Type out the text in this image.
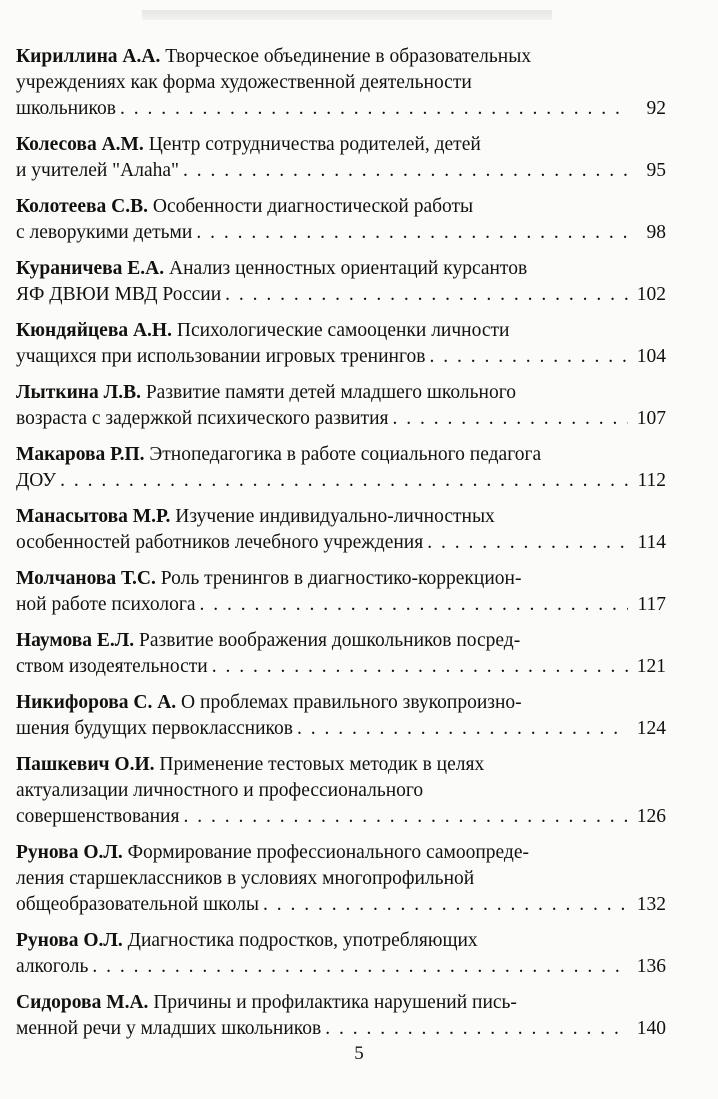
Кириллина А.А. Творческое объединение в образовательных
учреждениях как форма художественной деятельности
школьников . . .	92
Колесова А.М. Центр сотрудничества родителей, детей
и учителей "Алаhа" . . .	95
Колотеева С.В. Особенности диагностической работы
с леворукими детьми . . .	98
Кураничева Е.А. Анализ ценностных ориентаций курсантов
ЯФ ДВЮИ МВД России . . .	102
Кюндяйцева А.Н. Психологические самооценки личности
учащихся при использовании игровых тренингов . . .	104
Лыткина Л.В. Развитие памяти детей младшего школьного
возраста с задержкой психического развития . . .	107
Макарова Р.П. Этнопедагогика в работе социального педагога
ДОУ . . .	112
Манасытова М.Р. Изучение индивидуально-личностных
особенностей работников лечебного учреждения . . .	114
Молчанова Т.С. Роль тренингов в диагностико-коррекцион-
ной работе психолога . . .	117
Наумова Е.Л. Развитие воображения дошкольников посред-
ством изодеятельности . . .	121
Никифорова С. А. О проблемах правильного звукопроизно-
шения будущих первоклассников . . .	124
Пашкевич О.И. Применение тестовых методик в целях
актуализации личностного и профессионального
совершенствования . . .	126
Рунова О.Л. Формирование профессионального самоопреде-
ления старшеклассников в условиях многопрофильной
общеобразовательной школы . . .	132
Рунова О.Л. Диагностика подростков, употребляющих
алкоголь . . .	136
Сидорова М.А. Причины и профилактика нарушений пись-
менной речи у младших школьников . . .	140
5
